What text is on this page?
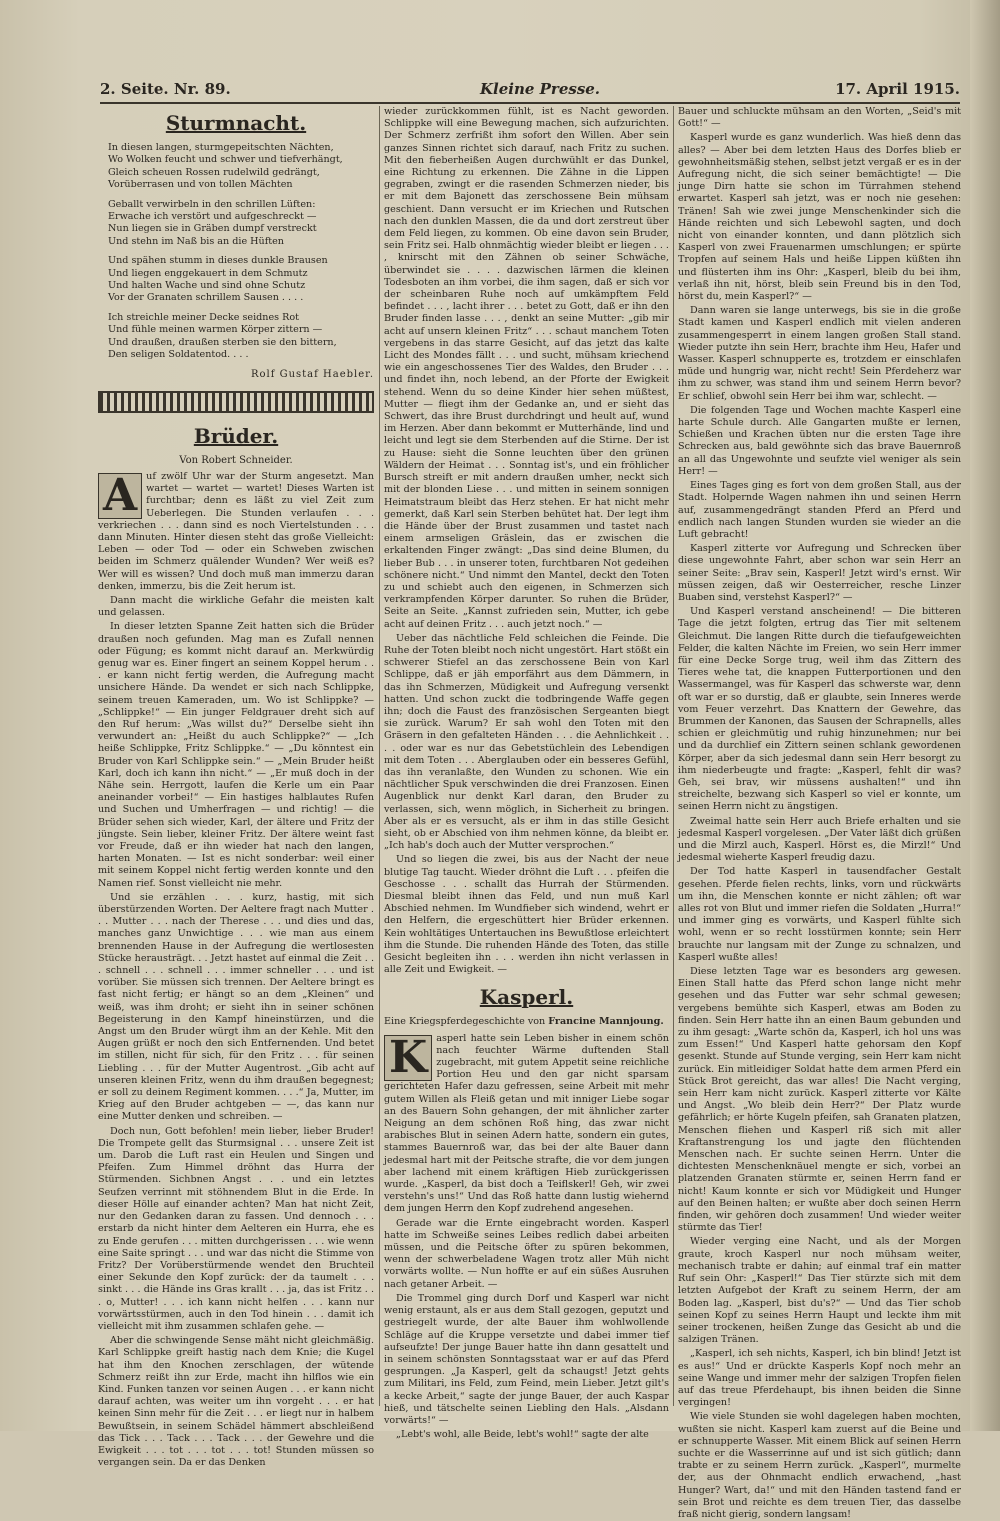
2. Seite. Nr. 89.	Kleine Presse.	17. April 1915.
Sturmnacht.
In diesen langen, sturmgepeitschten Nächten,
Wo Wolken feucht und schwer und tiefverhängt,
Gleich scheuen Rossen rudelwild gedrängt,
Vorüberrasen und von tollen Mächten
Geballt verwirbeln in den schrillen Lüften:
Erwache ich verstört und aufgeschreckt —
Nun liegen sie in Gräben dumpf verstreckt
Und stehn im Naß bis an die Hüften
Und spähen stumm in dieses dunkle Brausen
Und liegen enggekauert in dem Schmutz
Und halten Wache und sind ohne Schutz
Vor der Granaten schrillem Sausen . . . .
Ich streichle meiner Decke seidnes Rot
Und fühle meinen warmen Körper zittern —
Und draußen, draußen sterben sie den bittern,
Den seligen Soldatentod. . . .
Rolf Gustaf Haebler.
Brüder.
Von Robert Schneider.

A uf zwölf Uhr war der Sturm angesetzt. Man wartet — wartet — wartet! Dieses Warten ist furchtbar; denn es läßt zu viel Zeit zum Ueberlegen. Die Stunden verlaufen . . . verkriechen . . . dann sind es noch Viertelstunden . . . dann Minuten. Hinter diesen steht das große Vielleicht: Leben — oder Tod — oder ein Schweben zwischen beiden im Schmerz quälender Wunden? Wer weiß es? Wer will es wissen? Und doch muß man immerzu daran denken, immerzu, bis die Zeit herum ist.

Dann macht die wirkliche Gefahr die meisten kalt und gelassen.

In dieser letzten Spanne Zeit hatten sich die Brüder draußen noch gefunden. Mag man es Zufall nennen oder Fügung; es kommt nicht darauf an. Merkwürdig genug war es. Einer fingert an seinem Koppel herum . . . er kann nicht fertig werden, die Aufregung macht unsichere Hände. Da wendet er sich nach Schlippke, seinem treuen Kameraden, um. Wo ist Schlippke? — „Schlippke!“ — Ein junger Feldgrauer dreht sich auf den Ruf herum: „Was willst du?“ Derselbe sieht ihn verwundert an: „Heißt du auch Schlippke?“ — „Ich heiße Schlippke, Fritz Schlippke.“ — „Du könntest ein Bruder von Karl Schlippke sein.“ — „Mein Bruder heißt Karl, doch ich kann ihn nicht.“ — „Er muß doch in der Nähe sein. Herrgott, laufen die Kerle um ein Paar aneinander vorbei!“ — Ein hastiges halblautes Rufen und Suchen und Umherfragen — und richtig! — die Brüder sehen sich wieder, Karl, der ältere und Fritz der jüngste. Sein lieber, kleiner Fritz. Der ältere weint fast vor Freude, daß er ihn wieder hat nach den langen, harten Monaten. — Ist es nicht sonderbar: weil einer mit seinem Koppel nicht fertig werden konnte und den Namen rief. Sonst vielleicht nie mehr.

Und sie erzählen . . . kurz, hastig, mit sich überstürzenden Worten. Der Aeltere fragt nach Mutter . . . Mutter . . . nach der Therese . . . und dies und das, manches ganz Unwichtige . . . wie man aus einem brennenden Hause in der Aufregung die wertlosesten Stücke herausträgt. . . Jetzt hastet auf einmal die Zeit . . . schnell . . . schnell . . . immer schneller . . . und ist vorüber. Sie müssen sich trennen. Der Aeltere bringt es fast nicht fertig; er hängt so an dem „Kleinen“ und weiß, was ihm droht; er sieht ihn in seiner schönen Begeisterung in den Kampf hineinstürzen, und die Angst um den Bruder würgt ihm an der Kehle. Mit den Augen grüßt er noch den sich Entfernenden. Und betet im stillen, nicht für sich, für den Fritz . . . für seinen Liebling . . . für der Mutter Augentrost. „Gib acht auf unseren kleinen Fritz, wenn du ihm draußen begegnest; er soll zu deinem Regiment kommen. . . .“ Ja, Mutter, im Krieg auf den Bruder achtgeben — —, das kann nur eine Mutter denken und schreiben. —

Doch nun, Gott befohlen! mein lieber, lieber Bruder! Die Trompete gellt das Sturmsignal . . . unsere Zeit ist um. Darob die Luft rast ein Heulen und Singen und Pfeifen. Zum Himmel dröhnt das Hurra der Stürmenden. Sichbnen Angst . . . und ein letztes Seufzen verrinnt mit stöhnendem Blut in die Erde. In dieser Hölle auf einander achten? Man hat nicht Zeit, nur den Gedanken daran zu fassen. Und dennoch . . . erstarb da nicht hinter dem Aelteren ein Hurra, ehe es zu Ende gerufen . . . mitten durchgerissen . . . wie wenn eine Saite springt . . . und war das nicht die Stimme von Fritz? Der Vorüberstürmende wendet den Bruchteil einer Sekunde den Kopf zurück: der da taumelt . . . sinkt . . . die Hände ins Gras krallt . . . ja, das ist Fritz . . . o, Mutter! . . . ich kann nicht helfen . . . kann nur vorwärtsstürmen, auch in den Tod hinein . . . damit ich vielleicht mit ihm zusammen schlafen gehe. —

Aber die schwingende Sense mäht nicht gleichmäßig. Karl Schlippke greift hastig nach dem Knie; die Kugel hat ihm den Knochen zerschlagen, der wütende Schmerz reißt ihn zur Erde, macht ihn hilflos wie ein Kind. Funken tanzen vor seinen Augen . . . er kann nicht darauf achten, was weiter um ihn vorgeht . . . er hat keinen Sinn mehr für die Zeit . . . er liegt nur in halbem Bewußtsein, in seinem Schädel hämmert abschleißend das Tick . . . Tack . . . Tack . . . der Gewehre und die Ewigkeit . . . tot . . . tot . . . tot! Stunden müssen so vergangen sein. Da er das Denken

wieder zurückkommen fühlt, ist es Nacht geworden. Schlippke will eine Bewegung machen, sich aufzurichten. Der Schmerz zerfrißt ihm sofort den Willen. Aber sein ganzes Sinnen richtet sich darauf, nach Fritz zu suchen. Mit den fieberheißen Augen durchwühlt er das Dunkel, eine Richtung zu erkennen. Die Zähne in die Lippen gegraben, zwingt er die rasenden Schmerzen nieder, bis er mit dem Bajonett das zerschossene Bein mühsam geschient. Dann versucht er im Kriechen und Rutschen nach den dunklen Massen, die da und dort zerstreut über dem Feld liegen, zu kommen. Ob eine davon sein Bruder, sein Fritz sei. Halb ohnmächtig wieder bleibt er liegen . . . , knirscht mit den Zähnen ob seiner Schwäche, überwindet sie . . . . dazwischen lärmen die kleinen Todesboten an ihm vorbei, die ihm sagen, daß er sich vor der scheinbaren Ruhe noch auf umkämpftem Feld befindet . . . , lacht ihrer . . . betet zu Gott, daß er ihn den Bruder finden lasse . . . , denkt an seine Mutter: „gib mir acht auf unsern kleinen Fritz“ . . . schaut manchem Toten vergebens in das starre Gesicht, auf das jetzt das kalte Licht des Mondes fällt . . . und sucht, mühsam kriechend wie ein angeschossenes Tier des Waldes, den Bruder . . . und findet ihn, noch lebend, an der Pforte der Ewigkeit stehend. Wenn du so deine Kinder hier sehen müßtest, Mutter — fliegt ihm der Gedanke an, und er sieht das Schwert, das ihre Brust durchdringt und heult auf, wund im Herzen. Aber dann bekommt er Mutterhände, lind und leicht und legt sie dem Sterbenden auf die Stirne. Der ist zu Hause: sieht die Sonne leuchten über den grünen Wäldern der Heimat . . . Sonntag ist's, und ein fröhlicher Bursch streift er mit andern draußen umher, neckt sich mit der blonden Liese . . . und mitten in seinem sonnigen Heimatstraum bleibt das Herz stehen. Er hat nicht mehr gemerkt, daß Karl sein Sterben behütet hat. Der legt ihm die Hände über der Brust zusammen und tastet nach einem armseligen Gräslein, das er zwischen die erkaltenden Finger zwängt: „Das sind deine Blumen, du lieber Bub . . . in unserer toten, furchtbaren Not gedeihen schönere nicht.“ Und nimmt den Mantel, deckt den Toten zu und schiebt auch den eigenen, in Schmerzen sich verkrampfenden Körper darunter. So ruhen die Brüder, Seite an Seite. „Kannst zufrieden sein, Mutter, ich gebe acht auf deinen Fritz . . . auch jetzt noch.“ —

Ueber das nächtliche Feld schleichen die Feinde. Die Ruhe der Toten bleibt noch nicht ungestört. Hart stößt ein schwerer Stiefel an das zerschossene Bein von Karl Schlippe, daß er jäh emporfährt aus dem Dämmern, in das ihn Schmerzen, Müdigkeit und Aufregung versenkt hatten. Und schon zuckt die todbringende Waffe gegen ihn; doch die Faust des französischen Sergeanten biegt sie zurück. Warum? Er sah wohl den Toten mit den Gräsern in den gefalteten Händen . . . die Aehnlichkeit . . . . oder war es nur das Gebetstüchlein des Lebendigen mit dem Toten . . . Aberglauben oder ein besseres Gefühl, das ihn veranlaßte, den Wunden zu schonen. Wie ein nächtlicher Spuk verschwinden die drei Franzosen. Einen Augenblick nur denkt Karl daran, den Bruder zu verlassen, sich, wenn möglich, in Sicherheit zu bringen. Aber als er es versucht, als er ihm in das stille Gesicht sieht, ob er Abschied von ihm nehmen könne, da bleibt er. „Ich hab's doch auch der Mutter versprochen.“

Und so liegen die zwei, bis aus der Nacht der neue blutige Tag taucht. Wieder dröhnt die Luft . . . pfeifen die Geschosse . . . schallt das Hurrah der Stürmenden. Diesmal bleibt ihnen das Feld, und nun muß Karl Abschied nehmen. Im Wundfieber sich windend, wehrt er den Helfern, die ergeschüttert hier Brüder erkennen. Kein wohltätiges Untertauchen ins Bewußtlose erleichtert ihm die Stunde. Die ruhenden Hände des Toten, das stille Gesicht begleiten ihn . . . werden ihn nicht verlassen in alle Zeit und Ewigkeit. —

Kasperl.
Eine Kriegspferdegeschichte von Francine Mannjoung.

K asperl hatte sein Leben bisher in einem schön nach feuchter Wärme duftenden Stall zugebracht, mit gutem Appetit seine reichliche Portion Heu und den gar nicht sparsam gerichteten Hafer dazu gefressen, seine Arbeit mit mehr gutem Willen als Fleiß getan und mit inniger Liebe sogar an des Bauern Sohn gehangen, der mit ähnlicher zarter Neigung an dem schönen Roß hing, das zwar nicht arabisches Blut in seinen Adern hatte, sondern ein gutes, stammes Bauernroß war, das bei der alte Bauer dann jedesmal hart mit der Peitsche strafte, die vor dem jungen aber lachend mit einem kräftigen Hieb zurückgerissen wurde. „Kasperl, da bist doch a Teiflskerl! Geh, wir zwei verstehn's uns!“ Und das Roß hatte dann lustig wiehernd dem jungen Herrn den Kopf zudrehend angesehen.

Gerade war die Ernte eingebracht worden. Kasperl hatte im Schweiße seines Leibes redlich dabei arbeiten müssen, und die Peitsche öfter zu spüren bekommen, wenn der schwerbeladene Wagen trotz aller Müh nicht vorwärts wollte. — Nun hoffte er auf ein süßes Ausruhen nach getaner Arbeit. —

Die Trommel ging durch Dorf und Kasperl war nicht wenig erstaunt, als er aus dem Stall gezogen, geputzt und gestriegelt wurde, der alte Bauer ihm wohlwollende Schläge auf die Kruppe versetzte und dabei immer tief aufseufzte! Der junge Bauer hatte ihn dann gesattelt und in seinem schönsten Sonntagsstaat war er auf das Pferd gesprungen. „Ja Kasperl, gelt da schaugst! Jetzt gehts zum Militari, ins Feld, zum Feind, mein Lieber. Jetzt gilt's a kecke Arbeit,“ sagte der junge Bauer, der auch Kaspar hieß, und tätschelte seinen Liebling den Hals. „Alsdann vorwärts!“ —

„Lebt's wohl, alle Beide, lebt's wohl!“ sagte der alte

Bauer und schluckte mühsam an den Worten, „Seid's mit Gott!“ —

Kasperl wurde es ganz wunderlich. Was hieß denn das alles? — Aber bei dem letzten Haus des Dorfes blieb er gewohnheitsmäßig stehen, selbst jetzt vergaß er es in der Aufregung nicht, die sich seiner bemächtigte! — Die junge Dirn hatte sie schon im Türrahmen stehend erwartet. Kasperl sah jetzt, was er noch nie gesehen: Tränen! Sah wie zwei junge Menschenkinder sich die Hände reichten und sich Lebewohl sagten, und doch nicht von einander konnten, und dann plötzlich sich Kasperl von zwei Frauenarmen umschlungen; er spürte Tropfen auf seinem Hals und heiße Lippen küßten ihn und flüsterten ihm ins Ohr: „Kasperl, bleib du bei ihm, verlaß ihn nit, hörst, bleib sein Freund bis in den Tod, hörst du, mein Kasperl?“ —

Dann waren sie lange unterwegs, bis sie in die große Stadt kamen und Kasperl endlich mit vielen anderen zusammengesperrt in einem langen großen Stall stand. Wieder putzte ihn sein Herr, brachte ihm Heu, Hafer und Wasser. Kasperl schnupperte es, trotzdem er einschlafen müde und hungrig war, nicht recht! Sein Pferdeherz war ihm zu schwer, was stand ihm und seinem Herrn bevor? Er schlief, obwohl sein Herr bei ihm war, schlecht. —

Die folgenden Tage und Wochen machte Kasperl eine harte Schule durch. Alle Gangarten mußte er lernen, Schießen und Krachen übten nur die ersten Tage ihre Schrecken aus, bald gewöhnte sich das brave Bauernroß an all das Ungewohnte und seufzte viel weniger als sein Herr! —

Eines Tages ging es fort von dem großen Stall, aus der Stadt. Holpernde Wagen nahmen ihn und seinen Herrn auf, zusammengedrängt standen Pferd an Pferd und endlich nach langen Stunden wurden sie wieder an die Luft gebracht!

Kasperl zitterte vor Aufregung und Schrecken über diese ungewohnte Fahrt, aber schon war sein Herr an seiner Seite: „Brav sein, Kasperl! Jetzt wird's ernst. Wir müssen zeigen, daß wir Oesterreicher, resche Linzer Buaben sind, verstehst Kasperl?“ —

Und Kasperl verstand anscheinend! — Die bitteren Tage die jetzt folgten, ertrug das Tier mit seltenem Gleichmut. Die langen Ritte durch die tiefaufgeweichten Felder, die kalten Nächte im Freien, wo sein Herr immer für eine Decke Sorge trug, weil ihm das Zittern des Tieres wehe tat, die knappen Futterportionen und den Wassermangel, was für Kasperl das schwerste war, denn oft war er so durstig, daß er glaubte, sein Inneres werde vom Feuer verzehrt. Das Knattern der Gewehre, das Brummen der Kanonen, das Sausen der Schrapnells, alles schien er gleichmütig und ruhig hinzunehmen; nur bei und da durchlief ein Zittern seinen schlank gewordenen Körper, aber da sich jedesmal dann sein Herr besorgt zu ihm niederbeugte und fragte: „Kasperl, fehlt dir was? Geh, sei brav, wir müssens aushalten!“ und ihn streichelte, bezwang sich Kasperl so viel er konnte, um seinen Herrn nicht zu ängstigen.

Zweimal hatte sein Herr auch Briefe erhalten und sie jedesmal Kasperl vorgelesen. „Der Vater läßt dich grüßen und die Mirzl auch, Kasperl. Hörst es, die Mirzl!“ Und jedesmal wieherte Kasperl freudig dazu.

Der Tod hatte Kasperl in tausendfacher Gestalt gesehen. Pferde fielen rechts, links, vorn und rückwärts um ihn, die Menschen konnte er nicht zählen; oft war alles rot von Blut und immer riefen die Soldaten „Hurra!“ und immer ging es vorwärts, und Kasperl fühlte sich wohl, wenn er so recht losstürmen konnte; sein Herr brauchte nur langsam mit der Zunge zu schnalzen, und Kasperl wußte alles!

Diese letzten Tage war es besonders arg gewesen. Einen Stall hatte das Pferd schon lange nicht mehr gesehen und das Futter war sehr schmal gewesen; vergebens bemühte sich Kasperl, etwas am Boden zu finden. Sein Herr hatte ihn an einen Baum gebunden und zu ihm gesagt: „Warte schön da, Kasperl, ich hol uns was zum Essen!“ Und Kasperl hatte gehorsam den Kopf gesenkt. Stunde auf Stunde verging, sein Herr kam nicht zurück. Ein mitleidiger Soldat hatte dem armen Pferd ein Stück Brot gereicht, das war alles! Die Nacht verging, sein Herr kam nicht zurück. Kasperl zitterte vor Kälte und Angst. „Wo bleib dein Herr?“ Der Platz wurde gefährlich; er hörte Kugeln pfeifen, sah Granaten platzen, Menschen fliehen und Kasperl riß sich mit aller Kraftanstrengung los und jagte den flüchtenden Menschen nach. Er suchte seinen Herrn. Unter die dichtesten Menschenknäuel mengte er sich, vorbei an platzenden Granaten stürmte er, seinen Herrn fand er nicht! Kaum konnte er sich vor Müdigkeit und Hunger auf den Beinen halten; er wußte aber doch seinen Herrn finden, wir gehören doch zusammen! Und wieder weiter stürmte das Tier!

Wieder verging eine Nacht, und als der Morgen graute, kroch Kasperl nur noch mühsam weiter, mechanisch trabte er dahin; auf einmal traf ein matter Ruf sein Ohr: „Kasperl!“ Das Tier stürzte sich mit dem letzten Aufgebot der Kraft zu seinem Herrn, der am Boden lag. „Kasperl, bist du's?“ — Und das Tier schob seinen Kopf zu seines Herrn Haupt und leckte ihm mit seiner trockenen, heißen Zunge das Gesicht ab und die salzigen Tränen.

„Kasperl, ich seh nichts, Kasperl, ich bin blind! Jetzt ist es aus!“ Und er drückte Kasperls Kopf noch mehr an seine Wange und immer mehr der salzigen Tropfen fielen auf das treue Pferdehaupt, bis ihnen beiden die Sinne vergingen!

Wie viele Stunden sie wohl dagelegen haben mochten, wußten sie nicht. Kasperl kam zuerst auf die Beine und er schnupperte Wasser. Mit einem Blick auf seinen Herrn suchte er die Wasserrinne auf und ist sich gütlich; dann trabte er zu seinem Herrn zurück. „Kasperl“, murmelte der, aus der Ohnmacht endlich erwachend, „hast Hunger? Wart, da!“ und mit den Händen tastend fand er sein Brot und reichte es dem treuen Tier, das dasselbe fraß nicht gierig, sondern langsam!
